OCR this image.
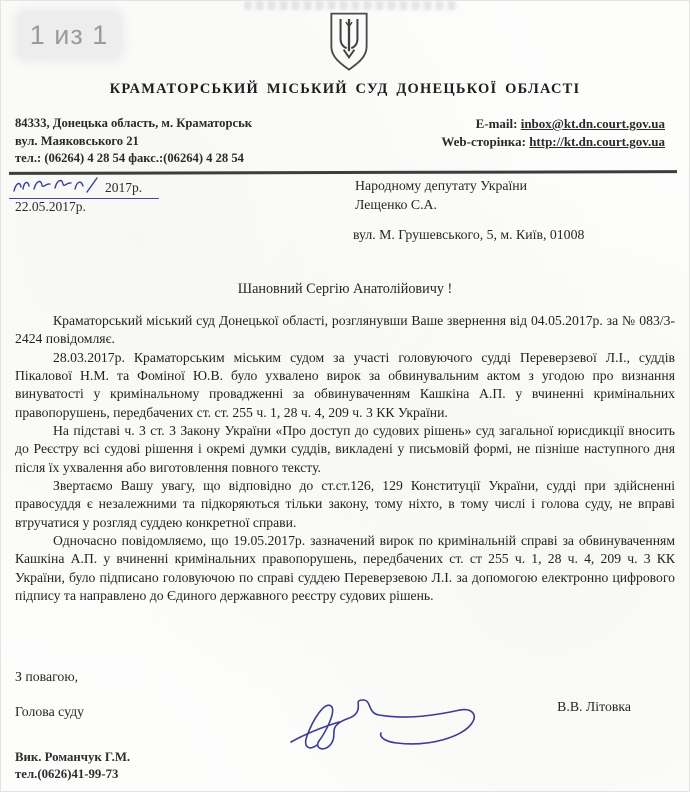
1 из 1
КРАМАТОРСЬКИЙ МІСЬКИЙ СУД ДОНЕЦЬКОЇ ОБЛАСТІ
84333, Донецька область, м. Краматорськ
вул. Маяковського 21
тел.: (06264) 4 28 54 факс.:(06264) 4 28 54
E-mail: inbox@kt.dn.court.gov.ua
Web-сторінка: http://kt.dn.court.gov.ua
2017р.
22.05.2017р.
Народному депутату України
Лещенко С.А.
вул. М. Грушевського, 5, м. Київ, 01008
Шановний Сергію Анатолійовичу !

Краматорський міський суд Донецької області, розглянувши Ваше звернення від 04.05.2017р. за № 083/3-2424 повідомляє.

28.03.2017р. Краматорським міським судом за участі головуючого судді Переверзевої Л.І., суддів Пікалової Н.М. та Фоміної Ю.В. було ухвалено вирок за обвинувальним актом з угодою про визнання винуватості у кримінальному провадженні за обвинуваченням Кашкіна А.П. у вчиненні кримінальних правопорушень, передбачених ст. ст. 255 ч. 1, 28 ч. 4, 209 ч. 3 КК України.

На підставі ч. 3 ст. 3 Закону України «Про доступ до судових рішень» суд загальної юрисдикції вносить до Реєстру всі судові рішення і окремі думки суддів, викладені у письмовій формі, не пізніше наступного дня після їх ухвалення або виготовлення повного тексту.

Звертаємо Вашу увагу, що відповідно до ст.ст.126, 129 Конституції України, судді при здійсненні правосуддя є незалежними та підкоряються тільки закону, тому ніхто, в тому числі і голова суду, не вправі втручатися у розгляд суддею конкретної справи.

Одночасно повідомляємо, що 19.05.2017р. зазначений вирок по кримінальній справі за обвинуваченням Кашкіна А.П. у вчиненні кримінальних правопорушень, передбачених ст. ст 255 ч. 1, 28 ч. 4, 209 ч. 3 КК України, було підписано головуючою по справі суддею Переверзевою Л.І. за допомогою електронно цифрового підпису та направлено до Єдиного державного реєстру судових рішень.

З повагою,
Голова суду	В.В. Літовка
Вик. Романчук Г.М.
тел.(0626)41-99-73
